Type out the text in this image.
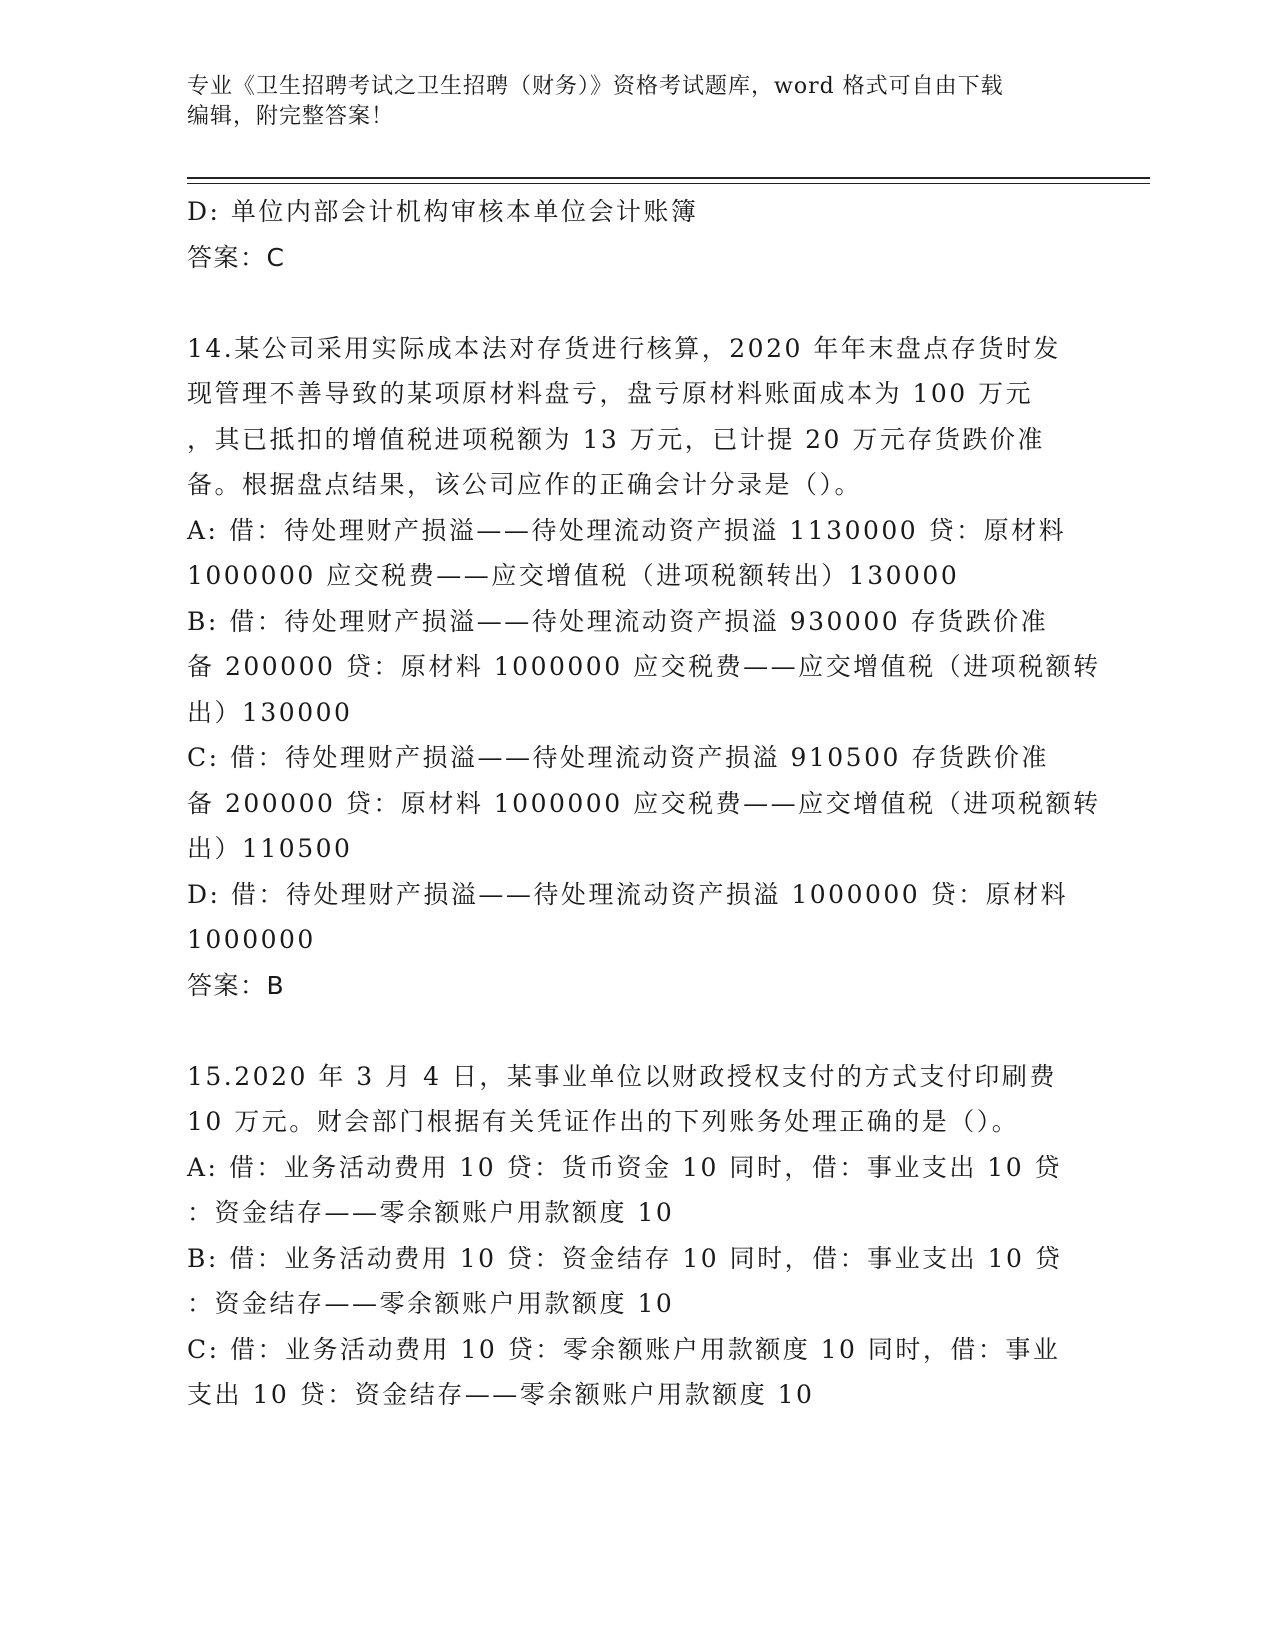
专业《卫生招聘考试之卫生招聘（财务）》资格考试题库，word 格式可自由下载
编辑，附完整答案！
D: 单位内部会计机构审核本单位会计账簿
答案：C
14.某公司采用实际成本法对存货进行核算，2020 年年末盘点存货时发
现管理不善导致的某项原材料盘亏，盘亏原材料账面成本为 100 万元
，其已抵扣的增值税进项税额为 13 万元，已计提 20 万元存货跌价准
备。根据盘点结果，该公司应作的正确会计分录是（）。
A: 借：待处理财产损溢——待处理流动资产损溢 1130000 贷：原材料
1000000 应交税费——应交增值税（进项税额转出）130000
B: 借：待处理财产损溢——待处理流动资产损溢 930000 存货跌价准
备 200000 贷：原材料 1000000 应交税费——应交增值税（进项税额转
出）130000
C: 借：待处理财产损溢——待处理流动资产损溢 910500 存货跌价准
备 200000 贷：原材料 1000000 应交税费——应交增值税（进项税额转
出）110500
D: 借：待处理财产损溢——待处理流动资产损溢 1000000 贷：原材料
1000000
答案：B
15.2020 年 3 月 4 日，某事业单位以财政授权支付的方式支付印刷费
10 万元。财会部门根据有关凭证作出的下列账务处理正确的是（）。
A: 借：业务活动费用 10 贷：货币资金 10 同时，借：事业支出 10 贷
：资金结存——零余额账户用款额度 10
B: 借：业务活动费用 10 贷：资金结存 10 同时，借：事业支出 10 贷
：资金结存——零余额账户用款额度 10
C: 借：业务活动费用 10 贷：零余额账户用款额度 10 同时，借：事业
支出 10 贷：资金结存——零余额账户用款额度 10
